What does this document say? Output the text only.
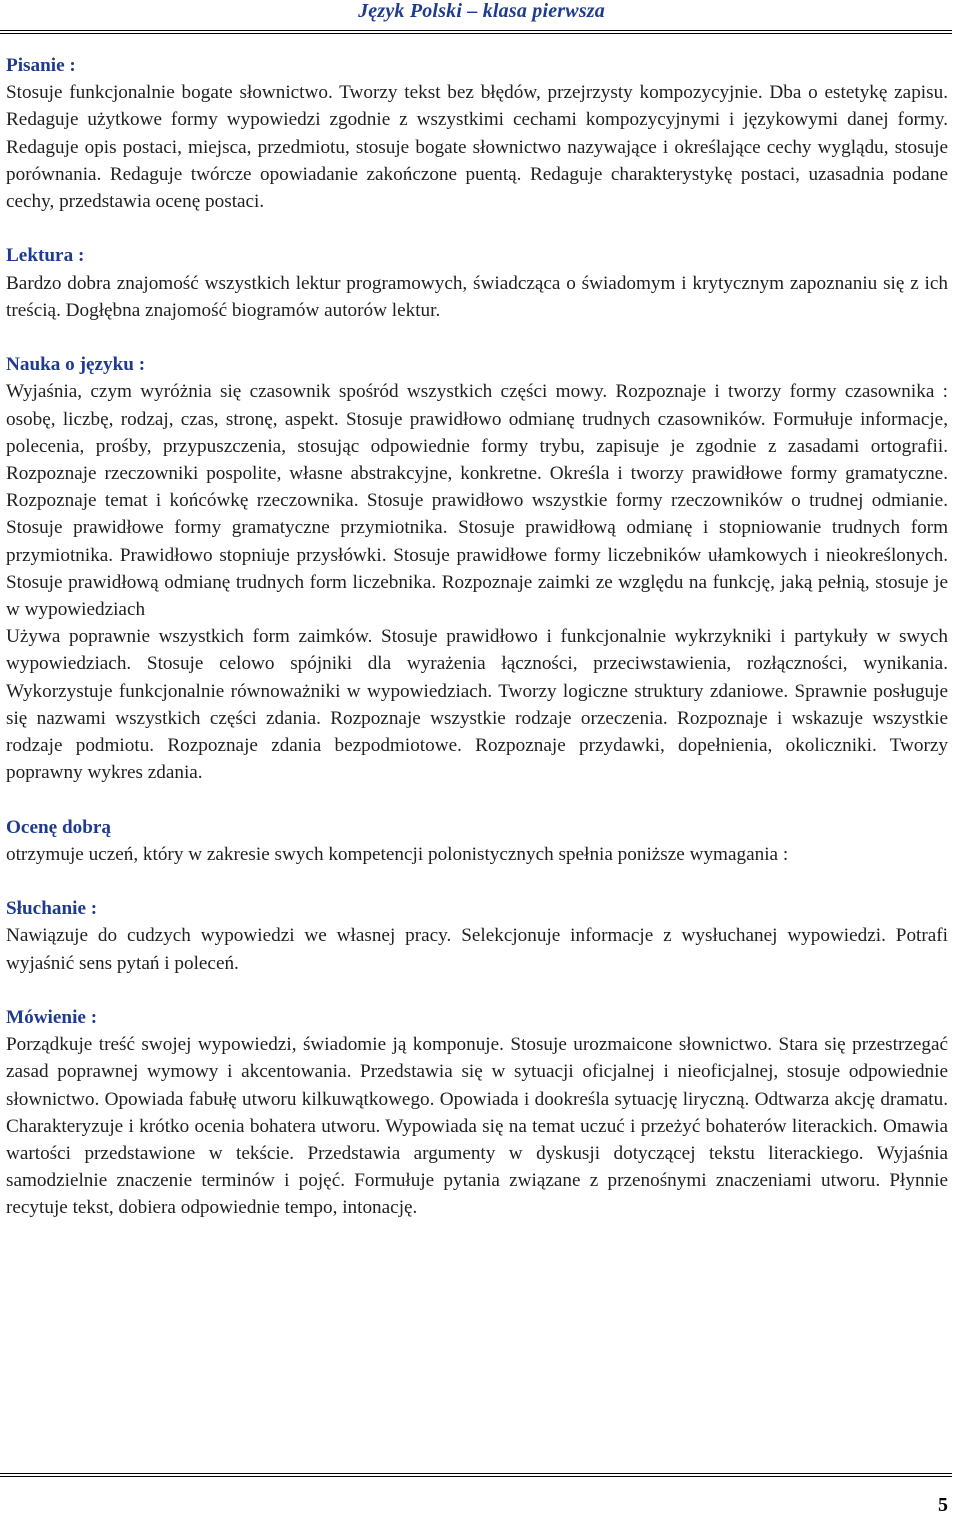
Język Polski – klasa pierwsza
Pisanie :

Stosuje funkcjonalnie bogate słownictwo. Tworzy tekst bez błędów, przejrzysty kompozycyjnie. Dba o estetykę zapisu. Redaguje użytkowe formy wypowiedzi zgodnie z wszystkimi cechami kompozycyjnymi i językowymi danej formy. Redaguje opis postaci, miejsca, przedmiotu, stosuje bogate słownictwo nazywające i określające cechy wyglądu, stosuje porównania. Redaguje twórcze opowiadanie zakończone puentą. Redaguje charakterystykę postaci, uzasadnia podane cechy, przedstawia ocenę postaci.

Lektura :

Bardzo dobra znajomość wszystkich lektur programowych, świadcząca o świadomym i krytycznym zapoznaniu się z ich treścią. Dogłębna znajomość biogramów autorów lektur.

Nauka o języku :

Wyjaśnia, czym wyróżnia się czasownik spośród wszystkich części mowy. Rozpoznaje i tworzy formy czasownika : osobę, liczbę, rodzaj, czas, stronę, aspekt. Stosuje prawidłowo odmianę trudnych czasowników. Formułuje informacje, polecenia, prośby, przypuszczenia, stosując odpowiednie formy trybu, zapisuje je zgodnie z zasadami ortografii. Rozpoznaje rzeczowniki pospolite, własne abstrakcyjne, konkretne. Określa i tworzy prawidłowe formy gramatyczne. Rozpoznaje temat i końcówkę rzeczownika. Stosuje prawidłowo wszystkie formy rzeczowników o trudnej odmianie. Stosuje prawidłowe formy gramatyczne przymiotnika. Stosuje prawidłową odmianę i stopniowanie trudnych form przymiotnika. Prawidłowo stopniuje przysłówki. Stosuje prawidłowe formy liczebników ułamkowych i nieokreślonych. Stosuje prawidłową odmianę trudnych form liczebnika. Rozpoznaje zaimki ze względu na funkcję, jaką pełnią, stosuje je w wypowiedziach

Używa poprawnie wszystkich form zaimków. Stosuje prawidłowo i funkcjonalnie wykrzykniki i partykuły w swych wypowiedziach. Stosuje celowo spójniki dla wyrażenia łączności, przeciwstawienia, rozłączności, wynikania. Wykorzystuje funkcjonalnie równoważniki w wypowiedziach. Tworzy logiczne struktury zdaniowe. Sprawnie posługuje się nazwami wszystkich części zdania. Rozpoznaje wszystkie rodzaje orzeczenia. Rozpoznaje i wskazuje wszystkie rodzaje podmiotu. Rozpoznaje zdania bezpodmiotowe. Rozpoznaje przydawki, dopełnienia, okoliczniki. Tworzy poprawny wykres zdania.

Ocenę dobrą

otrzymuje uczeń, który w zakresie swych kompetencji polonistycznych spełnia poniższe wymagania :

Słuchanie :

Nawiązuje do cudzych wypowiedzi we własnej pracy. Selekcjonuje informacje z wysłuchanej wypowiedzi. Potrafi wyjaśnić sens pytań i poleceń.

Mówienie :

Porządkuje treść swojej wypowiedzi, świadomie ją komponuje. Stosuje urozmaicone słownictwo. Stara się przestrzegać zasad poprawnej wymowy i akcentowania. Przedstawia się w sytuacji oficjalnej i nieoficjalnej, stosuje odpowiednie słownictwo. Opowiada fabułę utworu kilkuwątkowego. Opowiada i dookreśla sytuację liryczną. Odtwarza akcję dramatu. Charakteryzuje i krótko ocenia bohatera utworu. Wypowiada się na temat uczuć i przeżyć bohaterów literackich. Omawia wartości przedstawione w tekście. Przedstawia argumenty w dyskusji dotyczącej tekstu literackiego. Wyjaśnia samodzielnie znaczenie terminów i pojęć. Formułuje pytania związane z przenośnymi znaczeniami utworu. Płynnie recytuje tekst, dobiera odpowiednie tempo, intonację.

5
